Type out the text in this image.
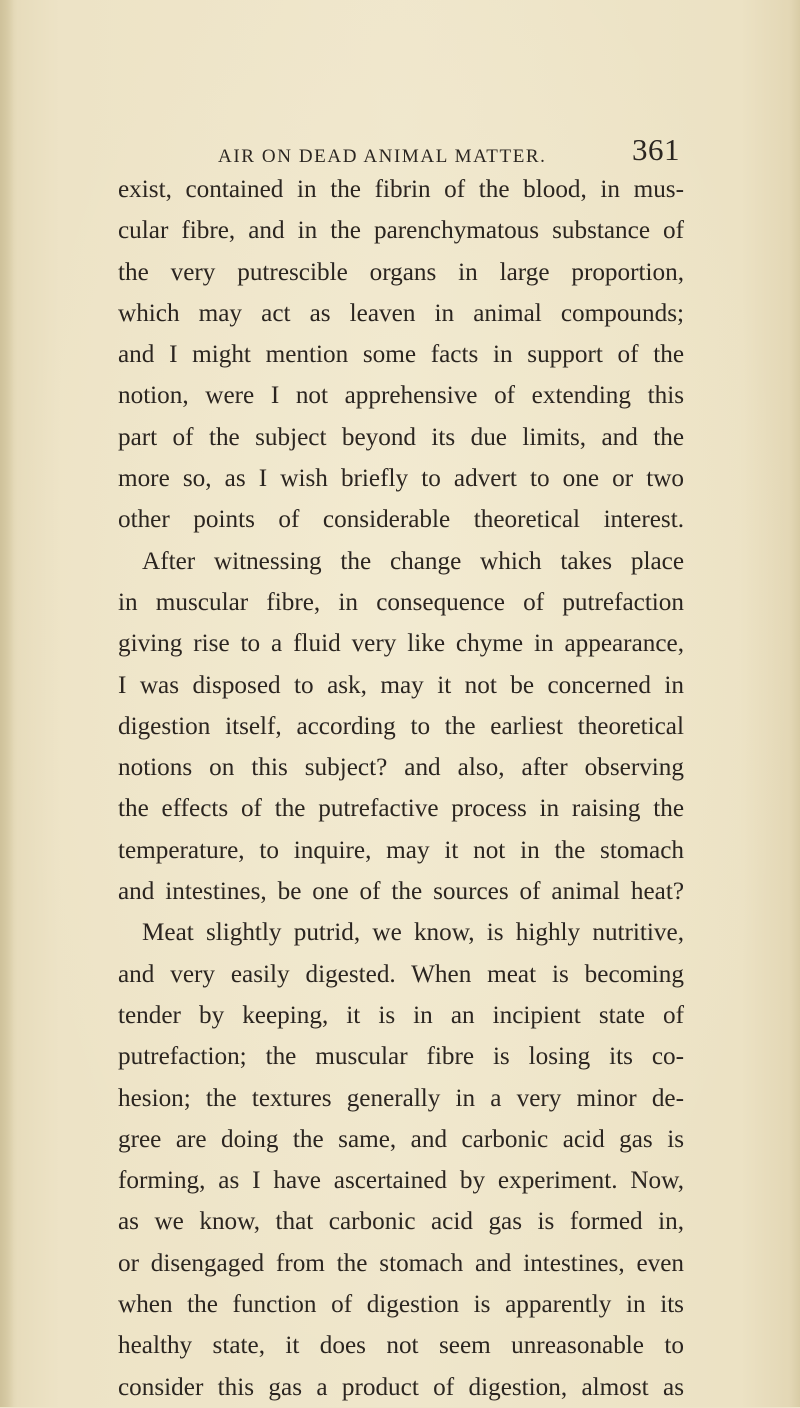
AIR ON DEAD ANIMAL MATTER.	361
exist, contained in the fibrin of the blood, in mus-
cular fibre, and in the parenchymatous substance of
the very putrescible organs in large proportion,
which may act as leaven in animal compounds;
and I might mention some facts in support of the
notion, were I not apprehensive of extending this
part of the subject beyond its due limits, and the
more so, as I wish briefly to advert to one or two
other points of considerable theoretical interest.
After witnessing the change which takes place
in muscular fibre, in consequence of putrefaction
giving rise to a fluid very like chyme in appearance,
I was disposed to ask, may it not be concerned in
digestion itself, according to the earliest theoretical
notions on this subject? and also, after observing
the effects of the putrefactive process in raising the
temperature, to inquire, may it not in the stomach
and intestines, be one of the sources of animal heat?
Meat slightly putrid, we know, is highly nutritive,
and very easily digested. When meat is becoming
tender by keeping, it is in an incipient state of
putrefaction; the muscular fibre is losing its co-
hesion; the textures generally in a very minor de-
gree are doing the same, and carbonic acid gas is
forming, as I have ascertained by experiment. Now,
as we know, that carbonic acid gas is formed in,
or disengaged from the stomach and intestines, even
when the function of digestion is apparently in its
healthy state, it does not seem unreasonable to
consider this gas a product of digestion, almost as
